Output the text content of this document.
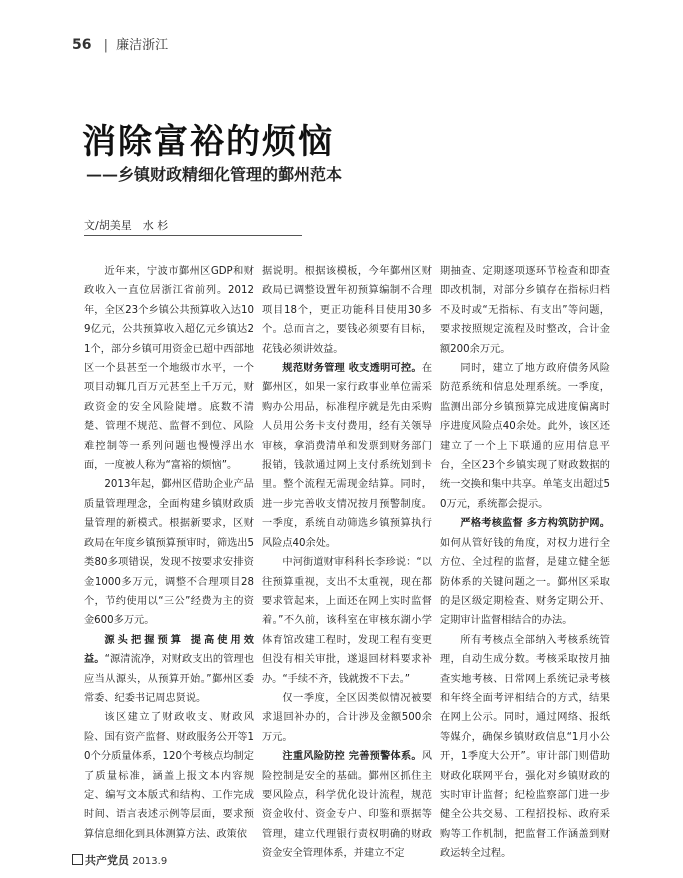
56 | 廉洁浙江
消除富裕的烦恼
——乡镇财政精细化管理的鄞州范本
文/胡美星　水 杉

近年来，宁波市鄞州区GDP和财政收入一直位居浙江省前列。2012年，全区23个乡镇公共预算收入达109亿元，公共预算收入超亿元乡镇达21个，部分乡镇可用资金已超中西部地区一个县甚至一个地级市水平，一个项目动辄几百万元甚至上千万元，财政资金的安全风险陡增。底数不清楚、管理不规范、监督不到位、风险难控制等一系列问题也慢慢浮出水面，一度被人称为“富裕的烦恼”。

2013年起，鄞州区借助企业产品质量管理理念，全面构建乡镇财政质量管理的新模式。根据新要求，区财政局在年度乡镇预算预审时，筛选出5类80多项错误，发现不按要求安排资金1000多万元，调整不合理项目28个，节约使用以“三公”经费为主的资金600多万元。

源头把握预算 提高使用效益。“源清流净，对财政支出的管理也应当从源头，从预算开始。”鄞州区委常委、纪委书记周忠贤说。

该区建立了财政收支、财政风险、国有资产监督、财政服务公开等10个分质量体系，120个考核点均制定了质量标准，涵盖上报文本内容规定、编写文本版式和结构、工作完成时间、语言表述示例等层面，要求预算信息细化到具体测算方法、政策依

据说明。根据该模板，今年鄞州区财政局已调整设置年初预算编制不合理项目18个，更正功能科目使用30多个。总而言之，要钱必须要有目标，花钱必须讲效益。

规范财务管理 收支透明可控。在鄞州区，如果一家行政事业单位需采购办公用品，标准程序就是先由采购人员用公务卡支付费用，经有关领导审核，拿消费清单和发票到财务部门报销，钱款通过网上支付系统划到卡里。整个流程无需现金结算。同时，进一步完善收支情况按月预警制度。一季度，系统自动筛选乡镇预算执行风险点40余处。

中河街道财审科科长李珍说：“以往预算重视，支出不太重视，现在都要求管起来，上面还在网上实时监督着。”不久前，该科室在审核东湖小学体育馆改建工程时，发现工程有变更但没有相关审批，遂退回材料要求补办。“手续不齐，钱就拨不下去。”

仅一季度，全区因类似情况被要求退回补办的，合计涉及金额500余万元。

注重风险防控 完善预警体系。风险控制是安全的基础。鄞州区抓住主要风险点，科学优化设计流程，规范资金收付、资金专户、印鉴和票据等管理，建立代理银行责权明确的财政资金安全管理体系，并建立不定

期抽查、定期逐项逐环节检查和即查即改机制，对部分乡镇存在指标归档不及时或“无指标、有支出”等问题，要求按照规定流程及时整改，合计金额200余万元。

同时，建立了地方政府债务风险防范系统和信息处理系统。一季度，监测出部分乡镇预算完成进度偏离时序进度风险点40余处。此外，该区还建立了一个上下联通的应用信息平台，全区23个乡镇实现了财政数据的统一交换和集中共享。单笔支出超过50万元，系统都会提示。

严格考核监督 多方构筑防护网。如何从管好钱的角度，对权力进行全方位、全过程的监督，是建立健全惩防体系的关键问题之一。鄞州区采取的是区级定期检查、财务定期公开、定期审计监督相结合的办法。

所有考核点全部纳入考核系统管理，自动生成分数。考核采取按月抽查实地考核、日常网上系统记录考核和年终全面考评相结合的方式，结果在网上公示。同时，通过网络、报纸等媒介，确保乡镇财政信息“1月小公开，1季度大公开”。审计部门则借助财政化联网平台，强化对乡镇财政的实时审计监督；纪检监察部门进一步健全公共交易、工程招投标、政府采购等工作机制，把监督工作涵盖到财政运转全过程。

共产党员 2013.9
